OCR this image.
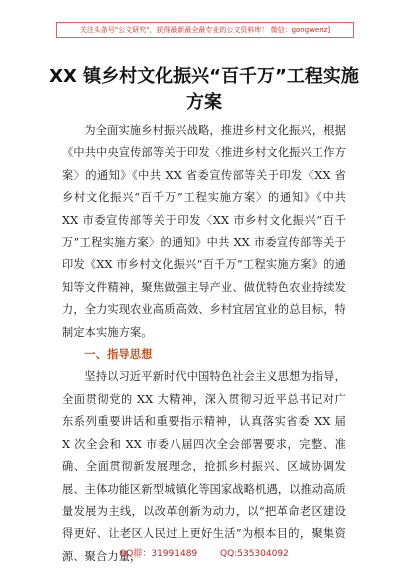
关注头条号"公文研究"，获得最新最全最专业的公文资料库！ 微信：gongwenz]
XX 镇乡村文化振兴“百千万”工程实施方案

为全面实施乡村振兴战略，推进乡村文化振兴，根据《中共中央宣传部等关于印发〈推进乡村文化振兴工作方案〉的通知》《中共 XX 省委宣传部等关于印发〈XX 省乡村文化振兴“百千万”工程实施方案〉的通知》《中共 XX 市委宣传部等关于印发〈XX 市乡村文化振兴“百千万”工程实施方案〉的通知》中共 XX 市委宣传部等关于印发《XX 市乡村文化振兴“百千万”工程实施方案》的通知等文件精神，聚焦做强主导产业、做优特色农业持续发力，全力实现农业高质高效、乡村宜居宜业的总目标，特制定本实施方案。

一、指导思想

坚持以习近平新时代中国特色社会主义思想为指导，全面贯彻党的 XX 大精神，深入贯彻习近平总书记对广东系列重要讲话和重要指示精神，认真落实省委 XX 届 X 次全会和 XX 市委八届四次全会部署要求，完整、准确、全面贯彻新发展理念，抢抓乡村振兴、区域协调发展、主体功能区新型城镇化等国家战略机遇，以推动高质量发展为主线，以改革创新为动力，以“把革命老区建设得更好、让老区人民过上更好生活”为根本目的，聚集资源、聚合力量，

QQ群：31991489	QQ:535304092
